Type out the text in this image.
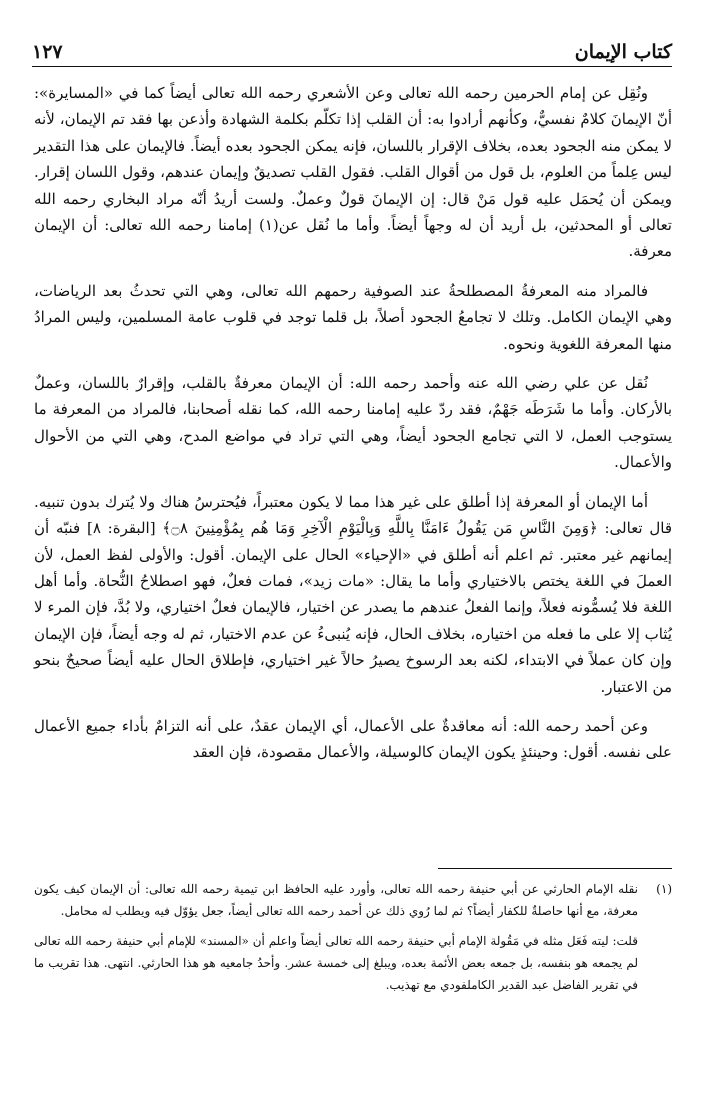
كتاب الإيمان
١٢٧

ونُقِل عن إمام الحرمين رحمه الله تعالى وعن الأشعري رحمه الله تعالى أيضاً كما في «المسايرة»: أنّ الإيمانَ كلامٌ نفسيٌّ، وكأنهم أرادوا به: أن القلب إذا تكلّم بكلمة الشهادة وأذعن بها فقد تم الإيمان، لأنه لا يمكن منه الجحود بعده، بخلاف الإقرار باللسان، فإنه يمكن الجحود بعده أيضاً. فالإيمان على هذا التقدير ليس عِلماً من العلوم، بل قول من أقوال القلب. فقول القلب تصديقٌ وإيمان عندهم، وقول اللسان إقرار. ويمكن أن يُحمَل عليه قول مَنْ قال: إن الإيمانَ قولٌ وعملٌ. ولست أريدُ أنّه مراد البخاري رحمه الله تعالى أو المحدثين، بل أريد أن له وجهاً أيضاً. وأما ما نُقل عن(١) إمامنا رحمه الله تعالى: أن الإيمان معرفة.

فالمراد منه المعرفةُ المصطلحةُ عند الصوفية رحمهم الله تعالى، وهي التي تحدثُ بعد الرياضات، وهي الإيمان الكامل. وتلك لا تجامعُ الجحود أصلاً، بل قلما توجد في قلوب عامة المسلمين، وليس المرادُ منها المعرفة اللغوية ونحوه.

نُقل عن علي رضي الله عنه وأحمد رحمه الله: أن الإيمان معرفةٌ بالقلب، وإقرارٌ باللسان، وعملٌ بالأركان. وأما ما شَرَطَه جَهْمٌ، فقد ردّ عليه إمامنا رحمه الله، كما نقله أصحابنا، فالمراد من المعرفة ما يستوجب العمل، لا التي تجامع الجحود أيضاً، وهي التي تراد في مواضع المدح، وهي التي من الأحوال والأعمال.

أما الإيمان أو المعرفة إذا أطلق على غير هذا مما لا يكون معتبراً، فيُحترسُ هناك ولا يُترك بدون تنبيه. قال تعالى: ﴿وَمِنَ النَّاسِ مَن يَقُولُ ءَامَنَّا بِاللَّهِ وَبِالْيَوْمِ الْآخِرِ وَمَا هُم بِمُؤْمِنِينَ ۝٨﴾ [البقرة: ٨] فنبّه أن إيمانهم غير معتبر. ثم اعلم أنه أطلق في «الإحياء» الحال على الإيمان. أقول: والأولى لفظ العمل، لأن العملَ في اللغة يختص بالاختياري وأما ما يقال: «مات زيد»، فمات فعلٌ، فهو اصطلاحُ النُّحاة. وأما أهل اللغة فلا يُسمُّونه فعلاً، وإنما الفعلُ عندهم ما يصدر عن اختيار، فالإيمان فعلٌ اختياري، ولا بُدَّ، فإن المرء لا يُثاب إلا على ما فعله من اختياره، بخلاف الحال، فإنه يُنبىءُ عن عدم الاختيار، ثم له وجه أيضاً، فإن الإيمان وإن كان عملاً في الابتداء، لكنه بعد الرسوخ يصيرُ حالاً غير اختياري، فإطلاق الحال عليه أيضاً صحيحٌ بنحو من الاعتبار.

وعن أحمد رحمه الله: أنه معاقدةٌ على الأعمال، أي الإيمان عقدٌ، على أنه التزامٌ بأداء جميع الأعمال على نفسه. أقول: وحينئذٍ يكون الإيمان كالوسيلة، والأعمال مقصودة، فإن العقد

(١)

نقله الإمام الحارثي عن أبي حنيفة رحمه الله تعالى، وأورد عليه الحافظ ابن تيمية رحمه الله تعالى: أن الإيمان كيف يكون معرفة، مع أنها حاصلةٌ للكفار أيضاً؟ ثم لما رُوي ذلك عن أحمد رحمه الله تعالى أيضاً، جعل يؤوّل فيه ويطلب له محامل.

قلت: ليته فَعَل مثله في مَقُولة الإمام أبي حنيفة رحمه الله تعالى أيضاً واعلم أن «المسند» للإمام أبي حنيفة رحمه الله تعالى لم يجمعه هو بنفسه، بل جمعه بعض الأئمة بعده، ويبلغ إلى خمسة عشر. وأحدُ جامعيه هو هذا الحارثي. انتهى. هذا تقريب ما في تقرير الفاضل عبد القدير الكاملفودي مع تهذيب.
